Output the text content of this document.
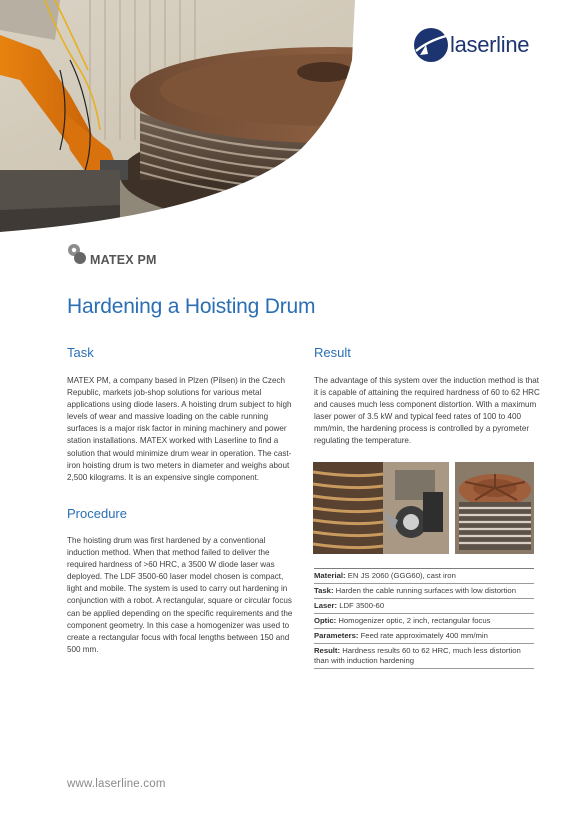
laserline
MATEX PM
Hardening a Hoisting Drum
Task

MATEX PM, a company based in Plzen (Pilsen) in the Czech Republic, markets job-shop solutions for various metal applications using diode lasers. A hoisting drum subject to high levels of wear and massive loading on the cable running surfaces is a major risk factor in mining machinery and power station installations. MATEX worked with Laserline to find a solution that would minimize drum wear in operation. The cast-iron hoisting drum is two meters in diameter and weighs about 2,500 kilograms. It is an expensive single component.

Procedure

The hoisting drum was first hardened by a conventional induction method. When that method failed to deliver the required hardness of >60 HRC, a 3500 W diode laser was deployed. The LDF 3500-60 laser model chosen is compact, light and mobile. The system is used to carry out hardening in conjunction with a robot. A rectangular, square or circular focus can be applied depending on the specific requirements and the component geometry. In this case a homogenizer was used to create a rectangular focus with focal lengths between 150 and 500 mm.

Result

The advantage of this system over the induction method is that it is capable of attaining the required hardness of 60 to 62 HRC and causes much less component distortion. With a maximum laser power of 3.5 kW and typical feed rates of 100 to 400 mm/min, the hardening process is controlled by a pyrometer regulating the temperature.

Material: EN JS 2060 (GGG60), cast iron
Task: Harden the cable running surfaces with low distortion
Laser: LDF 3500-60
Optic: Homogenizer optic, 2 inch, rectangular focus
Parameters: Feed rate approximately 400 mm/min
Result: Hardness results 60 to 62 HRC, much less distortion than with induction hardening
www.laserline.com
